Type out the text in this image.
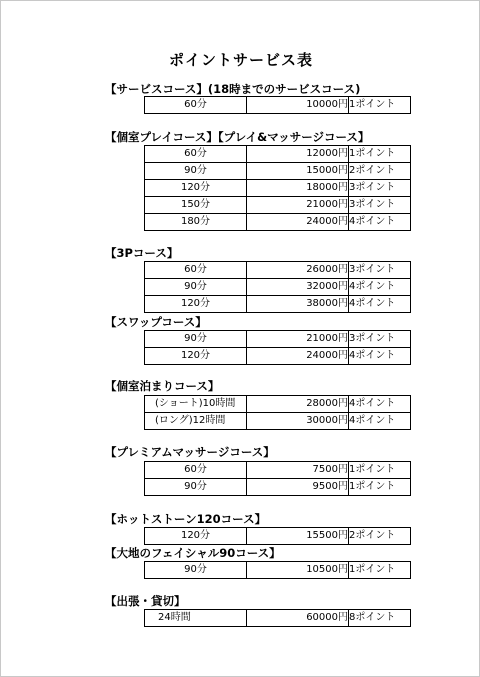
ポイントサービス表
【サービスコース】(18時までのサービスコース)
60分	10000円	1ポイント
【個室プレイコース】【プレイ&マッサージコース】
60分	12000円	1ポイント
90分	15000円	2ポイント
120分	18000円	3ポイント
150分	21000円	3ポイント
180分	24000円	4ポイント
【3Pコース】
60分	26000円	3ポイント
90分	32000円	4ポイント
120分	38000円	4ポイント
【スワップコース】
90分	21000円	3ポイント
120分	24000円	4ポイント
【個室泊まりコース】
(ショート)10時間	28000円	4ポイント
(ロング)12時間	30000円	4ポイント
【プレミアムマッサージコース】
60分	7500円	1ポイント
90分	9500円	1ポイント
【ホットストーン120コース】
120分	15500円	2ポイント
【大地のフェイシャル90コース】
90分	10500円	1ポイント
【出張・貸切】
24時間	60000円	8ポイント
